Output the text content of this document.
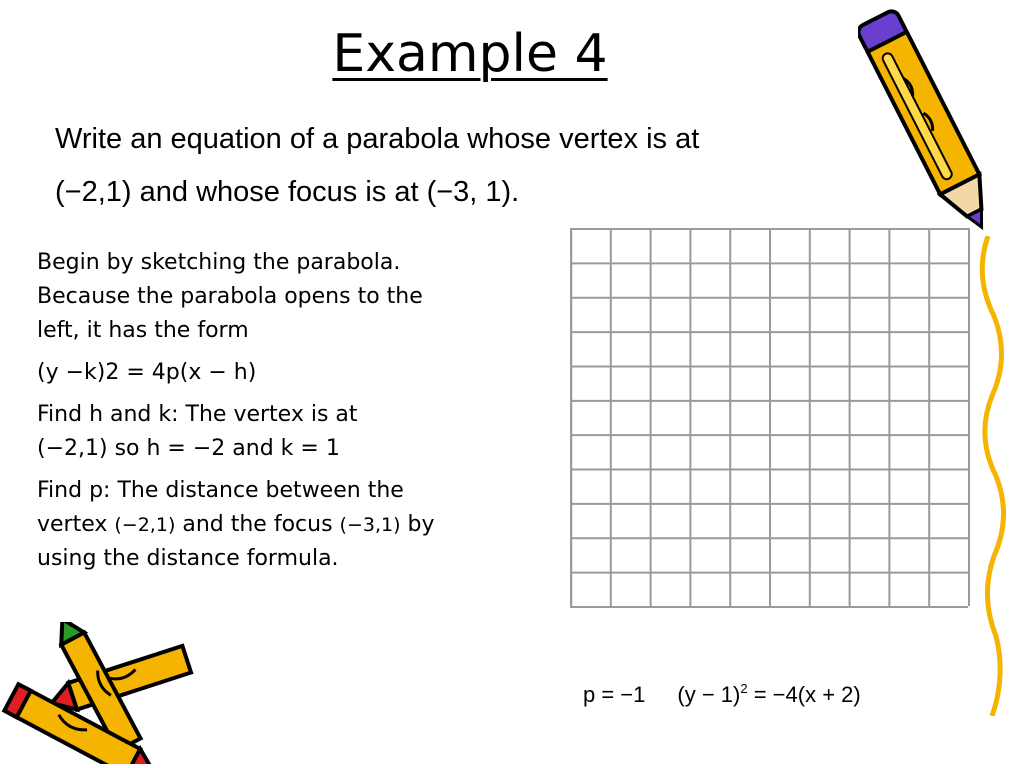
Example 4
Write an equation of a parabola whose vertex is at
(−2,1) and whose focus is at (−3, 1).
Begin by sketching the parabola.
Because the parabola opens to the
left, it has the form
(y −k)2 = 4p(x − h)
Find h and k: The vertex is at
(−2,1) so h = −2 and k = 1
Find p: The distance between the
vertex (−2,1) and the focus (−3,1) by
using the distance formula.
p = −1 $(y - 1)^2 = -4(x + 2)$
